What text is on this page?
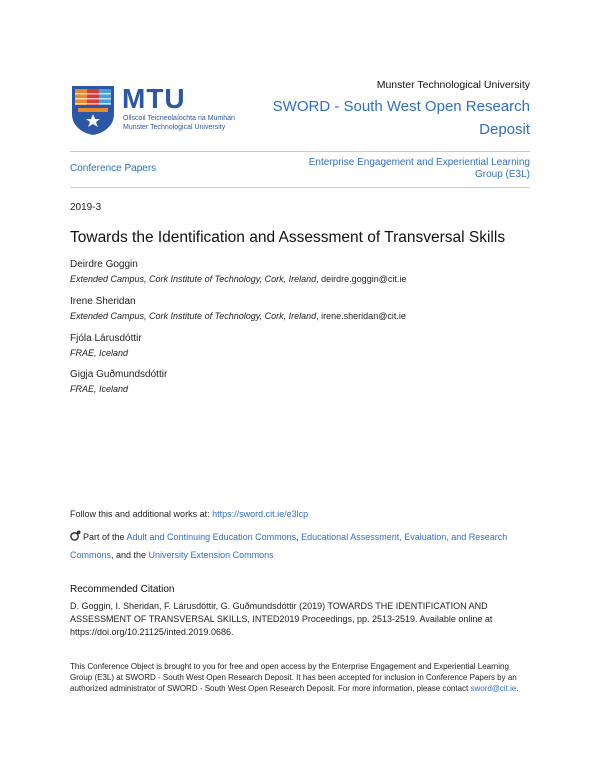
MTU
Ollscoil Teicneolaíochta na Mumhan
Munster Technological University
Munster Technological University
SWORD - South West Open Research Deposit
Conference Papers
Enterprise Engagement and Experiential Learning Group (E3L)
2019-3
Towards the Identification and Assessment of Transversal Skills
Deirdre Goggin
Extended Campus, Cork Institute of Technology, Cork, Ireland, deirdre.goggin@cit.ie
Irene Sheridan
Extended Campus, Cork Institute of Technology, Cork, Ireland, irene.sheridan@cit.ie
Fjóla Lárusdóttir
FRAE, Iceland
Gigja Guðmundsdóttir
FRAE, Iceland
Follow this and additional works at: https://sword.cit.ie/e3lcp
Part of the Adult and Continuing Education Commons, Educational Assessment, Evaluation, and Research Commons, and the University Extension Commons
Recommended Citation
D. Goggin, I. Sheridan, F. Lárusdóttir, G. Guðmundsdóttir (2019) TOWARDS THE IDENTIFICATION AND ASSESSMENT OF TRANSVERSAL SKILLS, INTED2019 Proceedings, pp. 2513-2519. Available online at https://doi.org/10.21125/inted.2019.0686.
This Conference Object is brought to you for free and open access by the Enterprise Engagement and Experiential Learning Group (E3L) at SWORD - South West Open Research Deposit. It has been accepted for inclusion in Conference Papers by an authorized administrator of SWORD - South West Open Research Deposit. For more information, please contact sword@cit.ie.
